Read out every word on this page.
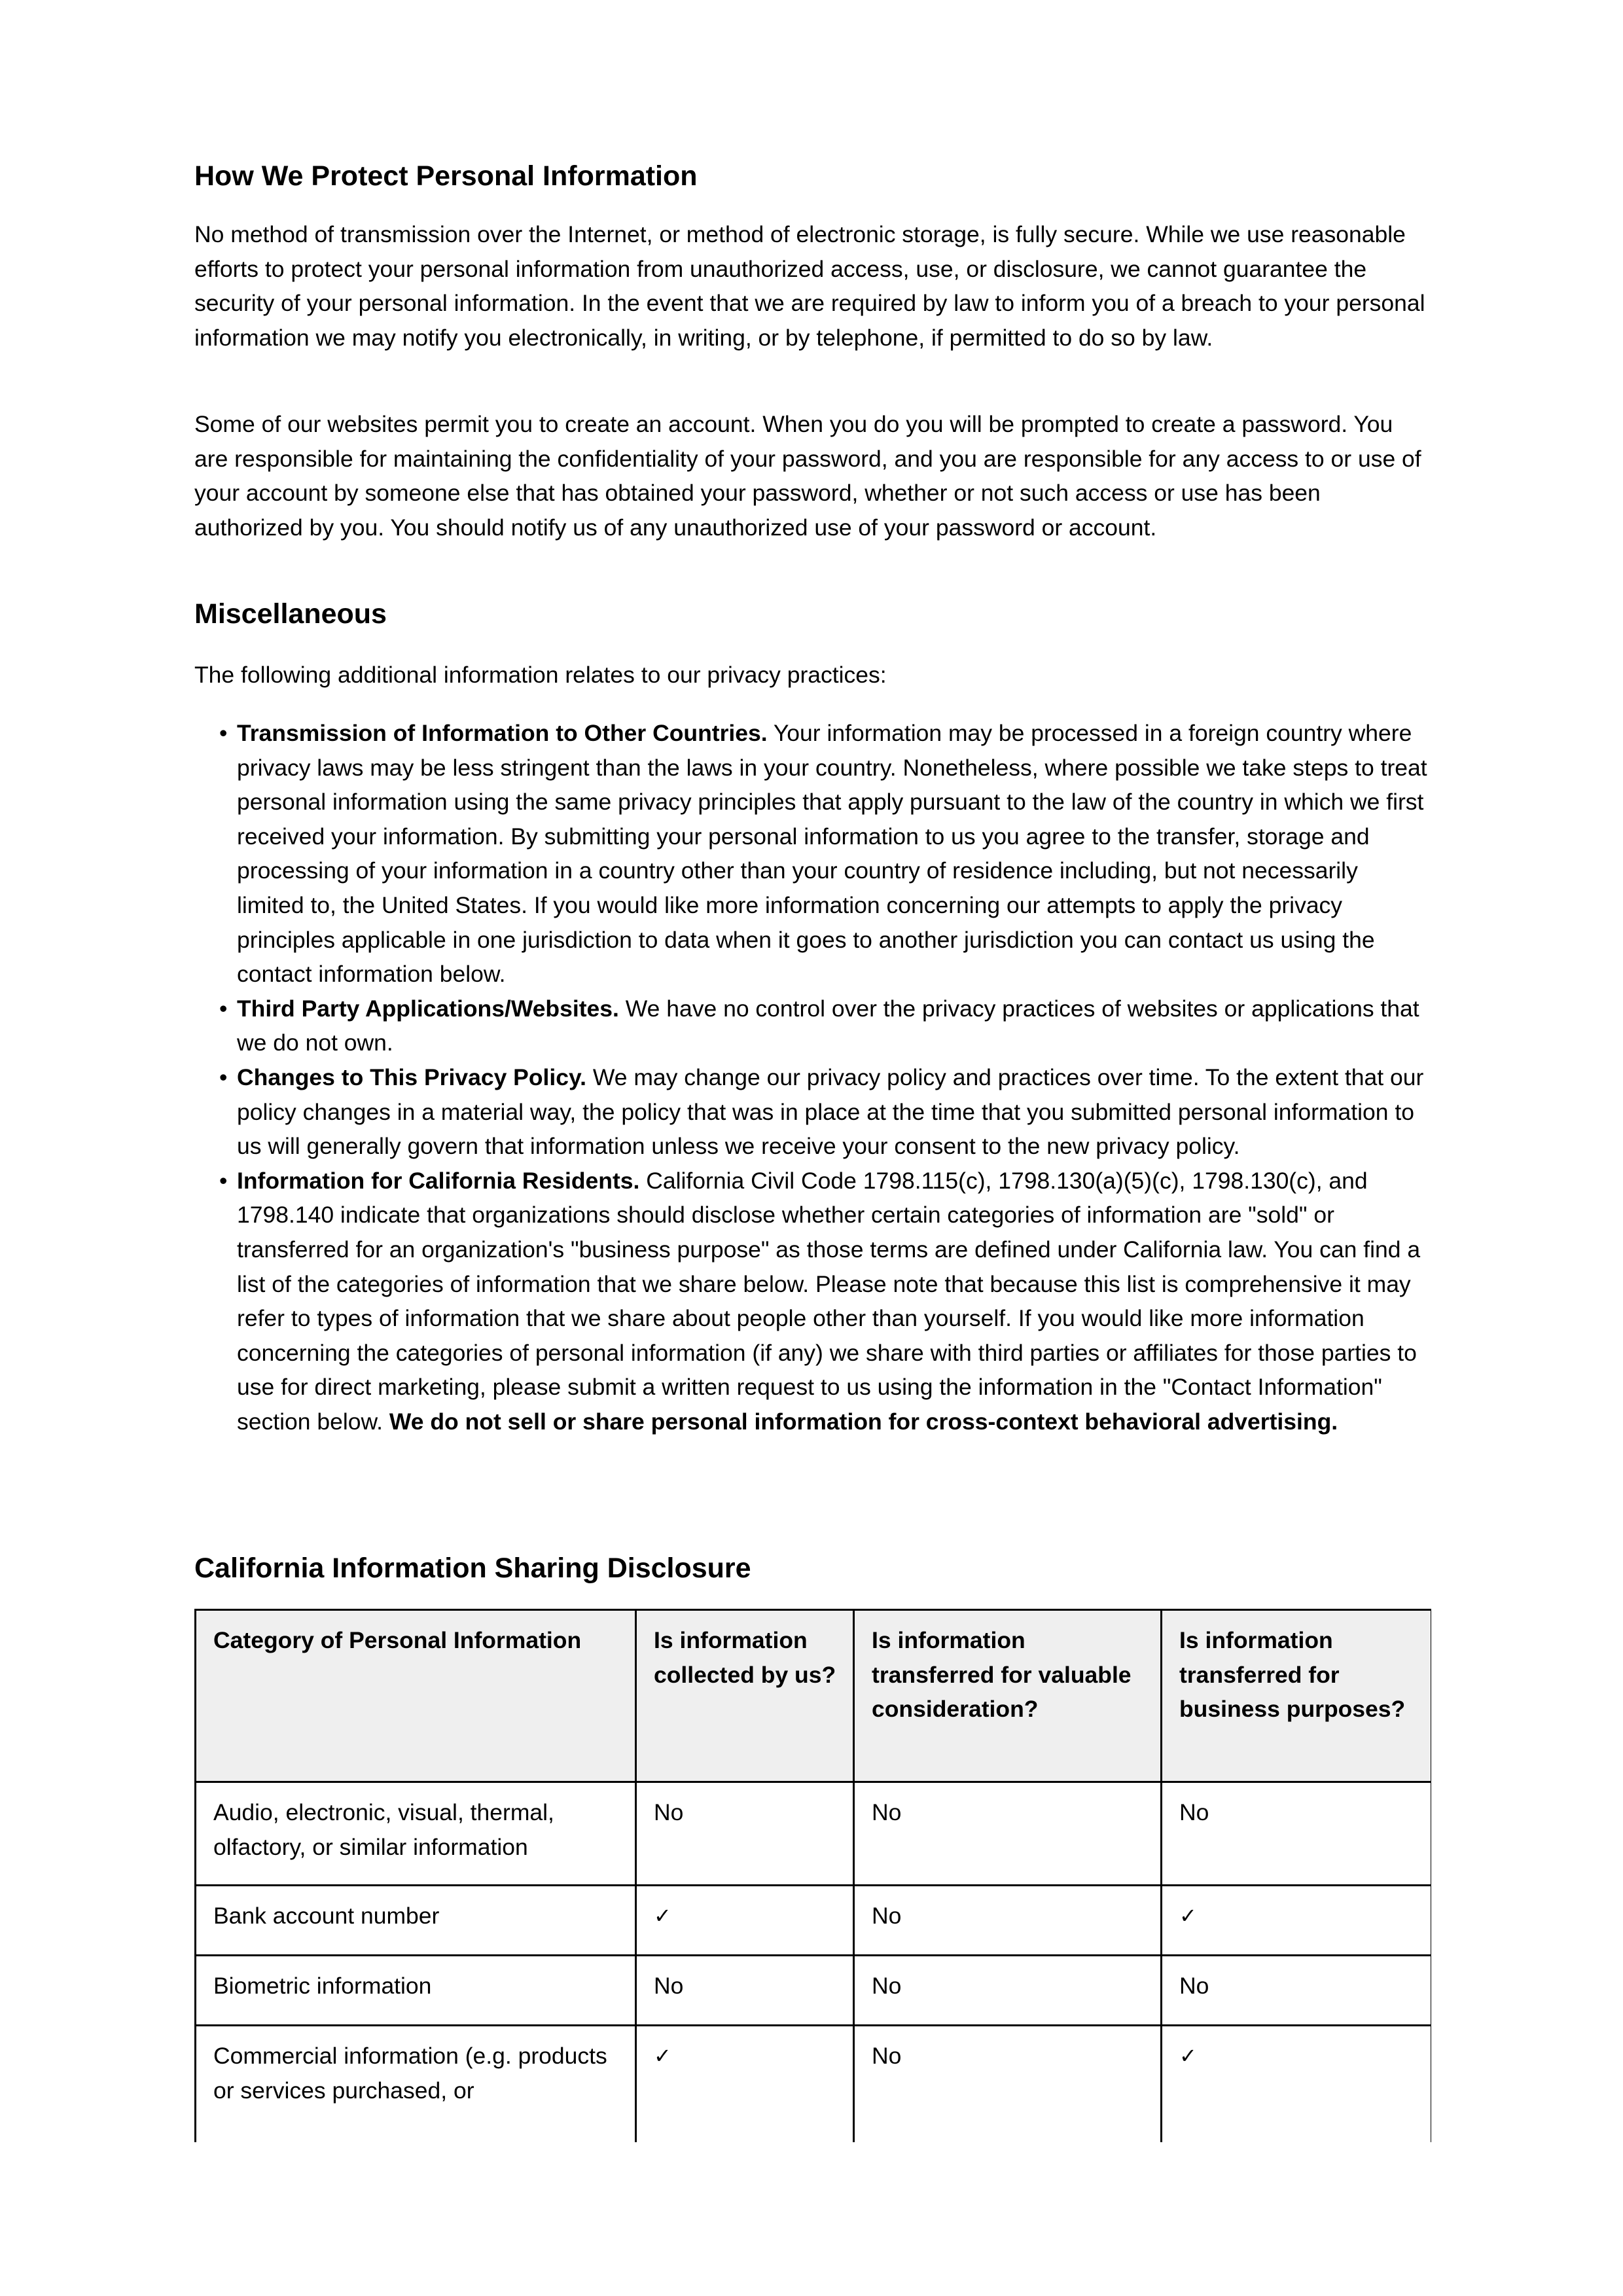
How We Protect Personal Information

No method of transmission over the Internet, or method of electronic storage, is fully secure. While we use reasonable efforts to protect your personal information from unauthorized access, use, or disclosure, we cannot guarantee the security of your personal information. In the event that we are required by law to inform you of a breach to your personal information we may notify you electronically, in writing, or by telephone, if permitted to do so by law.

Some of our websites permit you to create an account. When you do you will be prompted to create a password. You are responsible for maintaining the confidentiality of your password, and you are responsible for any access to or use of your account by someone else that has obtained your password, whether or not such access or use has been authorized by you. You should notify us of any unauthorized use of your password or account.

Miscellaneous

The following additional information relates to our privacy practices:

• Transmission of Information to Other Countries. Your information may be processed in a foreign country where privacy laws may be less stringent than the laws in your country. Nonetheless, where possible we take steps to treat personal information using the same privacy principles that apply pursuant to the law of the country in which we first received your information. By submitting your personal information to us you agree to the transfer, storage and processing of your information in a country other than your country of residence including, but not necessarily limited to, the United States. If you would like more information concerning our attempts to apply the privacy principles applicable in one jurisdiction to data when it goes to another jurisdiction you can contact us using the contact information below.
• Third Party Applications/Websites. We have no control over the privacy practices of websites or applications that we do not own.
• Changes to This Privacy Policy. We may change our privacy policy and practices over time. To the extent that our policy changes in a material way, the policy that was in place at the time that you submitted personal information to us will generally govern that information unless we receive your consent to the new privacy policy.
• Information for California Residents. California Civil Code 1798.115(c), 1798.130(a)(5)(c), 1798.130(c), and 1798.140 indicate that organizations should disclose whether certain categories of information are "sold" or transferred for an organization's "business purpose" as those terms are defined under California law. You can find a list of the categories of information that we share below. Please note that because this list is comprehensive it may refer to types of information that we share about people other than yourself. If you would like more information concerning the categories of personal information (if any) we share with third parties or affiliates for those parties to use for direct marketing, please submit a written request to us using the information in the "Contact Information" section below. We do not sell or share personal information for cross-context behavioral advertising.
California Information Sharing Disclosure
Category of Personal Information	Is information collected by us?	Is information transferred for valuable consideration?	Is information transferred for business purposes?
Audio, electronic, visual, thermal, olfactory, or similar information	No	No	No
Bank account number	✓	No	✓
Biometric information	No	No	No
Commercial information (e.g. products or services purchased, or	✓	No	✓
